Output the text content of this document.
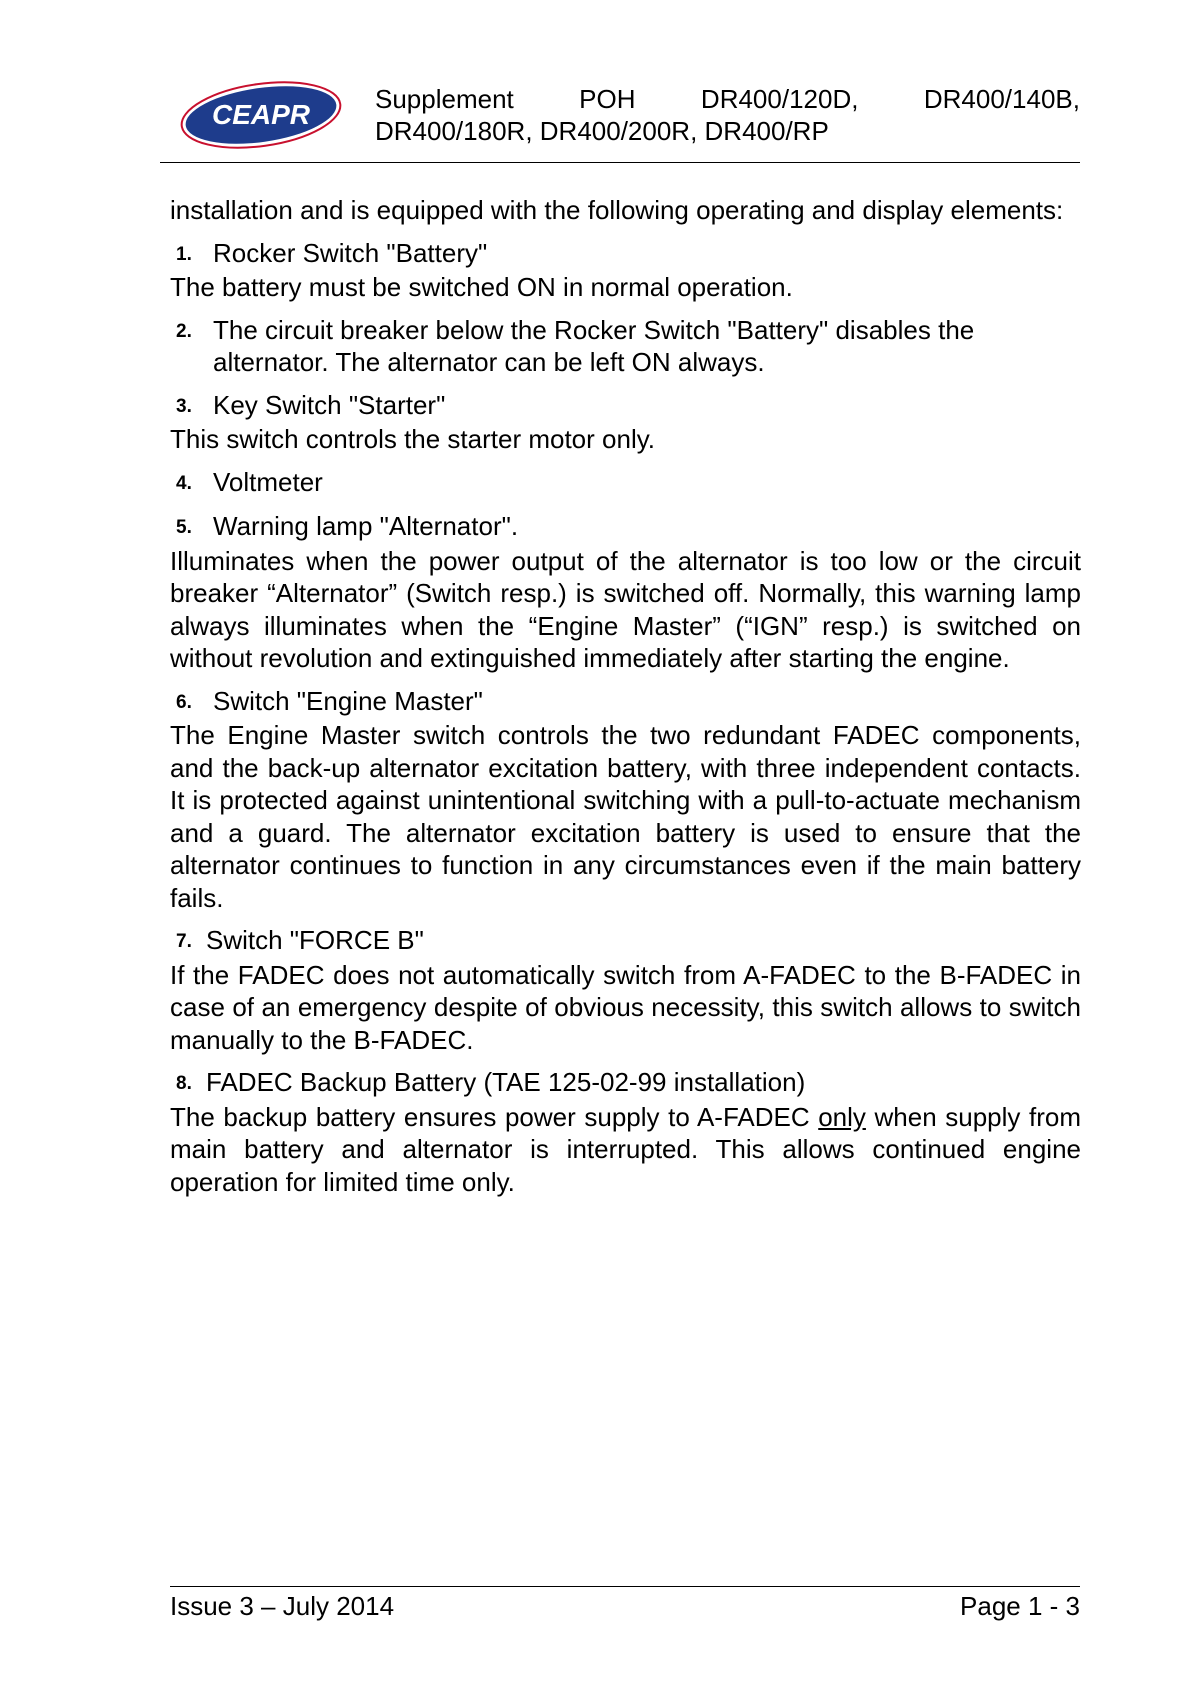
CEAPR Supplement	POH	DR400/120D,	DR400/140B,
DR400/180R, DR400/200R, DR400/RP

installation and is equipped with the following operating and display elements:

1. Rocker Switch "Battery"

The battery must be switched ON in normal operation.

2. The circuit breaker below the Rocker Switch "Battery" disables the alternator. The alternator can be left ON always.
3. Key Switch "Starter"

This switch controls the starter motor only.

4. Voltmeter
5. Warning lamp "Alternator".

Illuminates when the power output of the alternator is too low or the circuit breaker “Alternator” (Switch resp.) is switched off. Normally, this warning lamp always illuminates when the “Engine Master” (“IGN” resp.) is switched on without revolution and extinguished immediately after starting the engine.

6. Switch "Engine Master"

The Engine Master switch controls the two redundant FADEC components, and the back-up alternator excitation battery, with three independent contacts. It is protected against unintentional switching with a pull-to-actuate mechanism and a guard. The alternator excitation battery is used to ensure that the alternator continues to function in any circumstances even if the main battery fails.

7. Switch "FORCE B"

If the FADEC does not automatically switch from A-FADEC to the B-FADEC in case of an emergency despite of obvious necessity, this switch allows to switch manually to the B-FADEC.

8. FADEC Backup Battery (TAE 125-02-99 installation)

The backup battery ensures power supply to A-FADEC only when supply from main battery and alternator is interrupted. This allows continued engine operation for limited time only.

Issue 3 – July 2014	Page 1 - 3
